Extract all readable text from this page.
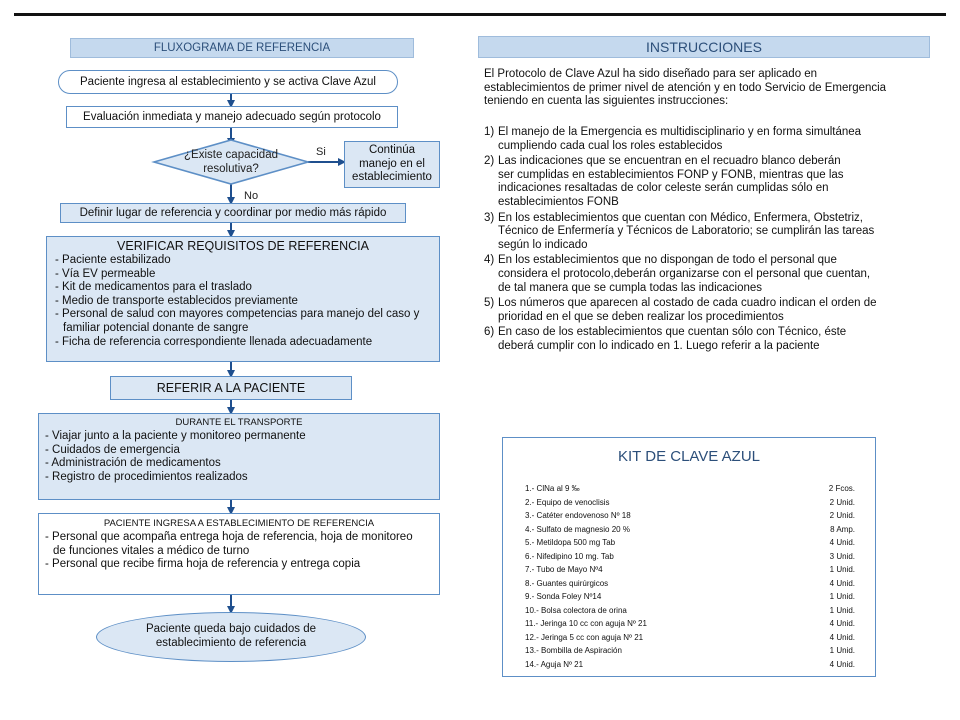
FLUXOGRAMA DE REFERENCIA
Paciente ingresa al establecimiento y se activa Clave Azul
Evaluación inmediata y manejo adecuado según protocolo
¿Existe capacidad
resolutiva?
Si
No
Continúa
manejo en el
establecimiento
Definir lugar de referencia y coordinar por medio más rápido
VERIFICAR REQUISITOS DE REFERENCIA
- Paciente estabilizado
- Vía EV permeable
- Kit de medicamentos para el traslado
- Medio de transporte establecidos previamente
- Personal de salud con mayores competencias para manejo del caso y
familiar potencial donante de sangre
- Ficha de referencia correspondiente llenada adecuadamente
REFERIR A LA PACIENTE
DURANTE EL TRANSPORTE
- Viajar junto a la paciente y monitoreo permanente
- Cuidados de emergencia
- Administración de medicamentos
- Registro de procedimientos realizados
PACIENTE INGRESA A ESTABLECIMIENTO DE REFERENCIA
- Personal que acompaña entrega hoja de referencia, hoja de monitoreo
de funciones vitales a médico de turno
- Personal que recibe firma hoja de referencia y entrega copia
Paciente queda bajo cuidados de
establecimiento de referencia
INSTRUCCIONES
El Protocolo de Clave Azul ha sido diseñado para ser aplicado en
establecimientos de primer nivel de atención y en todo Servicio de Emergencia
teniendo en cuenta las siguientes instrucciones:
1) El manejo de la Emergencia es multidisciplinario y en forma simultánea
cumpliendo cada cual los roles establecidos
2) Las indicaciones que se encuentran en el recuadro blanco deberán
ser cumplidas en establecimientos FONP y FONB, mientras que las
indicaciones resaltadas de color celeste serán cumplidas sólo en
establecimientos FONB
3) En los establecimientos que cuentan con Médico, Enfermera, Obstetriz,
Técnico de Enfermería y Técnicos de Laboratorio; se cumplirán las tareas
según lo indicado
4) En los establecimientos que no dispongan de todo el personal que
considera el protocolo,deberán organizarse con el personal que cuentan,
de tal manera que se cumpla todas las indicaciones
5) Los números que aparecen al costado de cada cuadro indican el orden de
prioridad en el que se deben realizar los procedimientos
6) En caso de los establecimientos que cuentan sólo con Técnico, éste
deberá cumplir con lo indicado en 1. Luego referir a la paciente
KIT DE CLAVE AZUL
1.- ClNa al 9 ‰	2 Fcos.
2.- Equipo de venoclisis	2 Unid.
3.- Catéter endovenoso Nº 18	2 Unid.
4.- Sulfato de magnesio 20 %	8 Amp.
5.- Metildopa 500 mg Tab	4 Unid.
6.- Nifedipino 10 mg. Tab	3 Unid.
7.- Tubo de Mayo Nº4	1 Unid.
8.- Guantes quirúrgicos	4 Unid.
9.- Sonda Foley Nº14	1 Unid.
10.- Bolsa colectora de orina	1 Unid.
11.- Jeringa 10 cc con aguja Nº 21	4 Unid.
12.- Jeringa 5 cc con aguja Nº 21	4 Unid.
13.- Bombilla de Aspiración	1 Unid.
14.- Aguja Nº 21	4 Unid.
